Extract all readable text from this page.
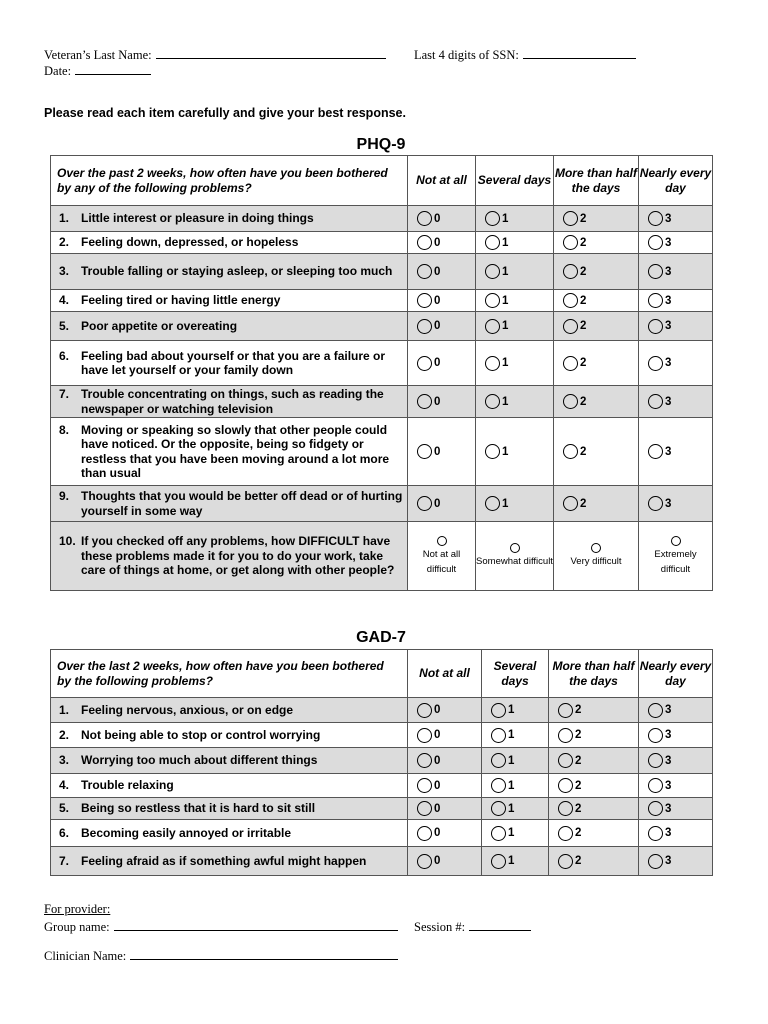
Veteran’s Last Name:	Last 4 digits of SSN:
Date:
Please read each item carefully and give your best response.
PHQ-9
Over the past 2 weeks, how often have you been bothered by any of the following problems?	Not at all	Several days	More than half the days	Nearly every day

1. Little interest or pleasure in doing things	0	1	2	3

2. Feeling down, depressed, or hopeless	0	1	2	3

3. Trouble falling or staying asleep, or sleeping too much	0	1	2	3

4. Feeling tired or having little energy	0	1	2	3

5. Poor appetite or overeating	0	1	2	3

6. Feeling bad about yourself or that you are a failure or have let yourself or your family down	0	1	2	3

7. Trouble concentrating on things, such as reading the newspaper or watching television	0	1	2	3

8. Moving or speaking so slowly that other people could have noticed. Or the opposite, being so fidgety or restless that you have been moving around a lot more than usual	0	1	2	3

9. Thoughts that you would be better off dead or of hurting yourself in some way	0	1	2	3

10. If you checked off any problems, how DIFFICULT have these problems made it for you to do your work, take care of things at home, or get along with other people?	Not at all difficult	Somewhat difficult	Very difficult	Extremely difficult
GAD-7
Over the last 2 weeks, how often have you been bothered by the following problems?	Not at all	Several days	More than half the days	Nearly every day

1. Feeling nervous, anxious, or on edge	0	1	2	3

2. Not being able to stop or control worrying	0	1	2	3

3. Worrying too much about different things	0	1	2	3

4. Trouble relaxing	0	1	2	3

5. Being so restless that it is hard to sit still	0	1	2	3

6. Becoming easily annoyed or irritable	0	1	2	3

7. Feeling afraid as if something awful might happen	0	1	2	3
For provider:
Group name:	Session #:
Clinician Name:
